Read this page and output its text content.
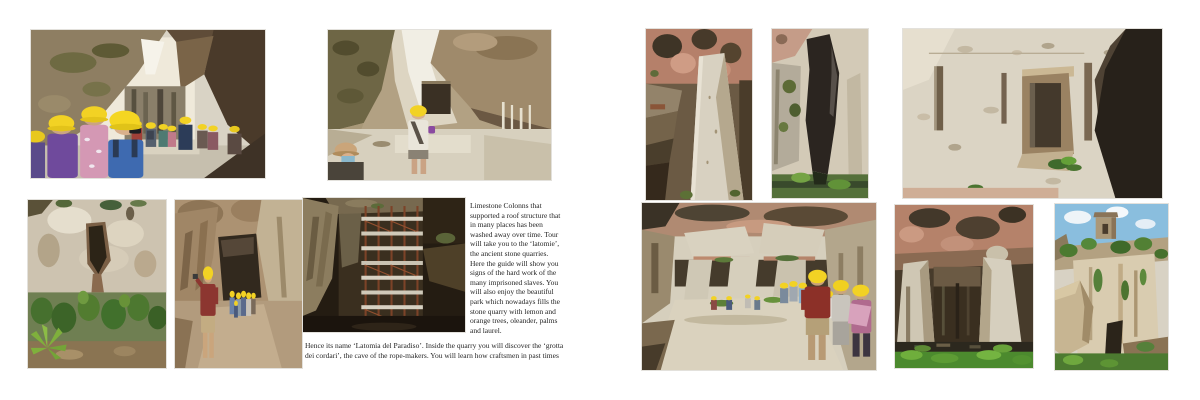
Limestone Colonns that
supported a roof structure that
in many places has been
washed away over time. Tour
will take you to the ‘latomie’,
the ancient stone quarries.
Here the guide will show you
signs of the hard work of the
many imprisoned slaves. You
will also enjoy the beautiful
park which nowadays fills the
stone quarry with lemon and
orange trees, oleander, palms
and laurel.
Hence its name ‘Latomia del Paradiso’. Inside the quarry you will discover the ‘grotta
dei cordari’, the cave of the rope-makers. You will learn how craftsmen in past times
